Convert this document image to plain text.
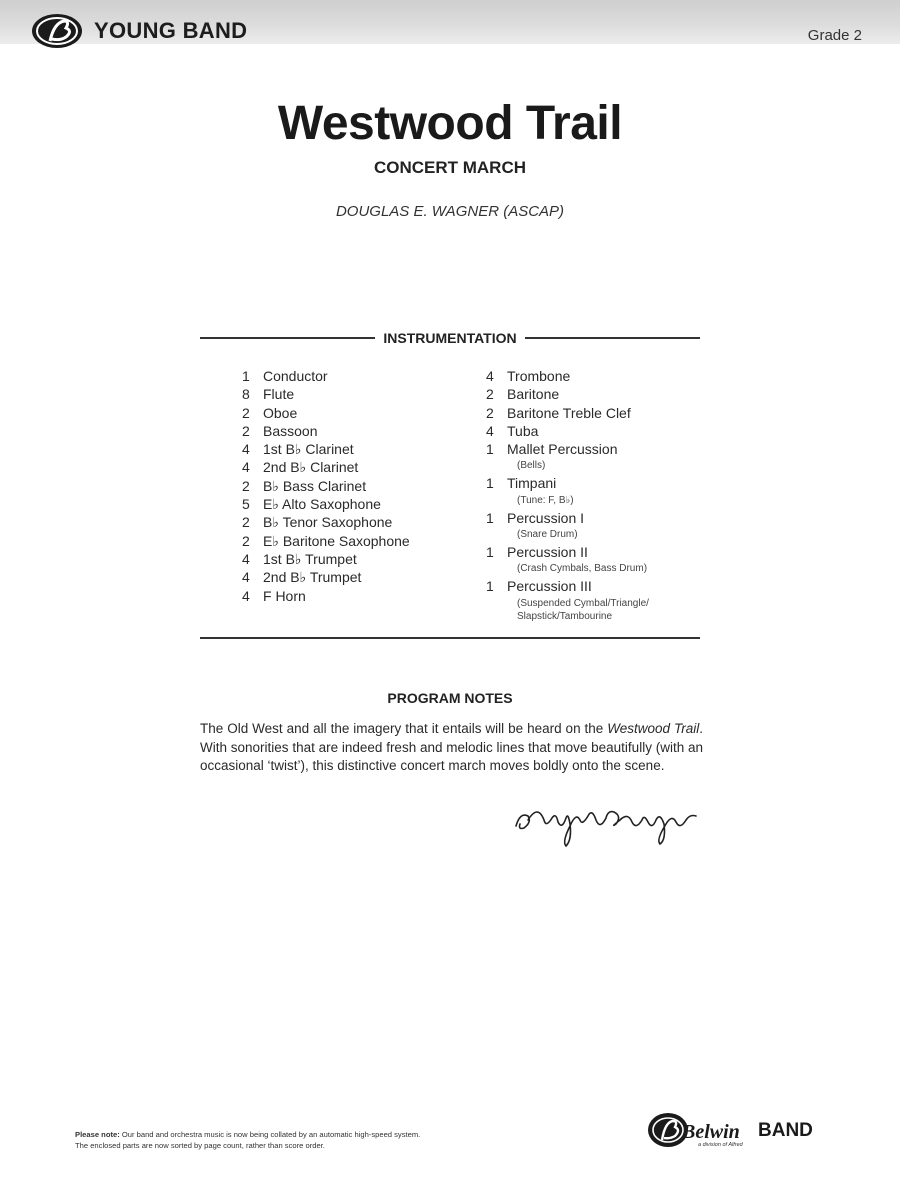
YOUNG BAND	Grade 2
Westwood Trail
CONCERT MARCH
DOUGLAS E. WAGNER (ASCAP)
INSTRUMENTATION
1 Conductor
8 Flute
2 Oboe
2 Bassoon
4 1st B♭ Clarinet
4 2nd B♭ Clarinet
2 B♭ Bass Clarinet
5 E♭ Alto Saxophone
2 B♭ Tenor Saxophone
2 E♭ Baritone Saxophone
4 1st B♭ Trumpet
4 2nd B♭ Trumpet
4 F Horn
4 Trombone
2 Baritone
2 Baritone Treble Clef
4 Tuba
1 Mallet Percussion
(Bells)
1 Timpani
(Tune: F, B♭)
1 Percussion I
(Snare Drum)
1 Percussion II
(Crash Cymbals, Bass Drum)
1 Percussion III
(Suspended Cymbal/Triangle/
Slapstick/Tambourine
PROGRAM NOTES
The Old West and all the imagery that it entails will be heard on the Westwood Trail. With sonorities that are indeed fresh and melodic lines that move beautifully (with an occasional ‘twist’), this distinctive concert march moves boldly onto the scene.
Please note: Our band and orchestra music is now being collated by an automatic high-speed system.
The enclosed parts are now sorted by page count, rather than score order.
Belwin BAND
a division of Alfred
